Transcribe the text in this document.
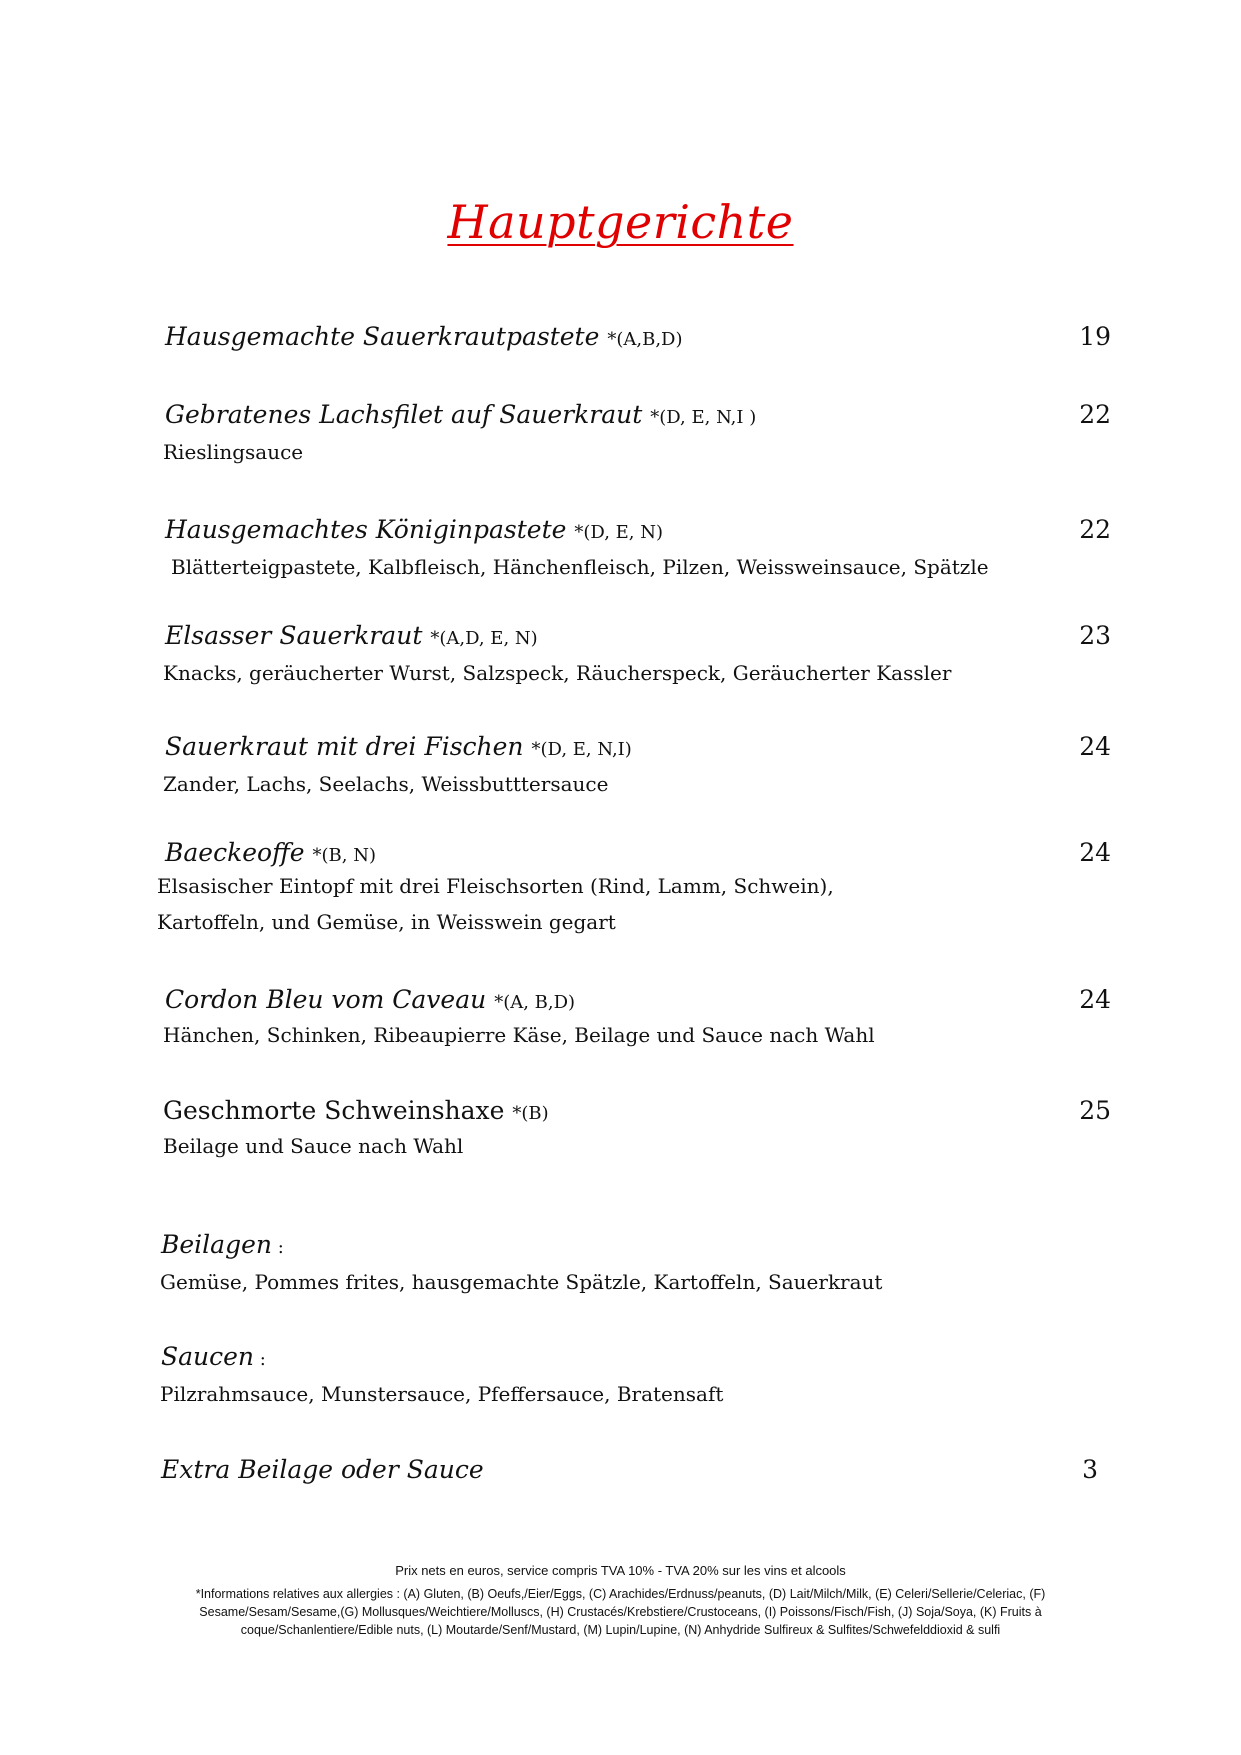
Hauptgerichte
Hausgemachte Sauerkrautpastete *(A,B,D)	19
Gebratenes Lachsfilet auf Sauerkraut *(D, E, N,I )	22
Rieslingsauce
Hausgemachtes Königinpastete *(D, E, N)	22
Blätterteigpastete, Kalbfleisch, Hänchenfleisch, Pilzen, Weissweinsauce, Spätzle
Elsasser Sauerkraut *(A,D, E, N)	23
Knacks, geräucherter Wurst, Salzspeck, Räucherspeck, Geräucherter Kassler
Sauerkraut mit drei Fischen *(D, E, N,I)	24
Zander, Lachs, Seelachs, Weissbutttersauce
Baeckeoffe *(B, N)	24
Elsasischer Eintopf mit drei Fleischsorten (Rind, Lamm, Schwein),
Kartoffeln, und Gemüse, in Weisswein gegart
Cordon Bleu vom Caveau *(A, B,D)	24
Hänchen, Schinken, Ribeaupierre Käse, Beilage und Sauce nach Wahl
Geschmorte Schweinshaxe *(B)	25
Beilage und Sauce nach Wahl
Beilagen :
Gemüse, Pommes frites, hausgemachte Spätzle, Kartoffeln, Sauerkraut
Saucen :
Pilzrahmsauce, Munstersauce, Pfeffersauce, Bratensaft
Extra Beilage oder Sauce	3
Prix nets en euros, service compris TVA 10% - TVA 20% sur les vins et alcools
*Informations relatives aux allergies : (A) Gluten, (B) Oeufs,/Eier/Eggs, (C) Arachides/Erdnuss/peanuts, (D) Lait/Milch/Milk, (E) Celeri/Sellerie/Celeriac, (F) Sesame/Sesam/Sesame,(G) Mollusques/Weichtiere/Molluscs, (H) Crustacés/Krebstiere/Crustoceans, (I) Poissons/Fisch/Fish, (J) Soja/Soya, (K) Fruits à coque/Schanlentiere/Edible nuts, (L) Moutarde/Senf/Mustard, (M) Lupin/Lupine, (N) Anhydride Sulfireux & Sulfites/Schwefelddioxid & sulfi
